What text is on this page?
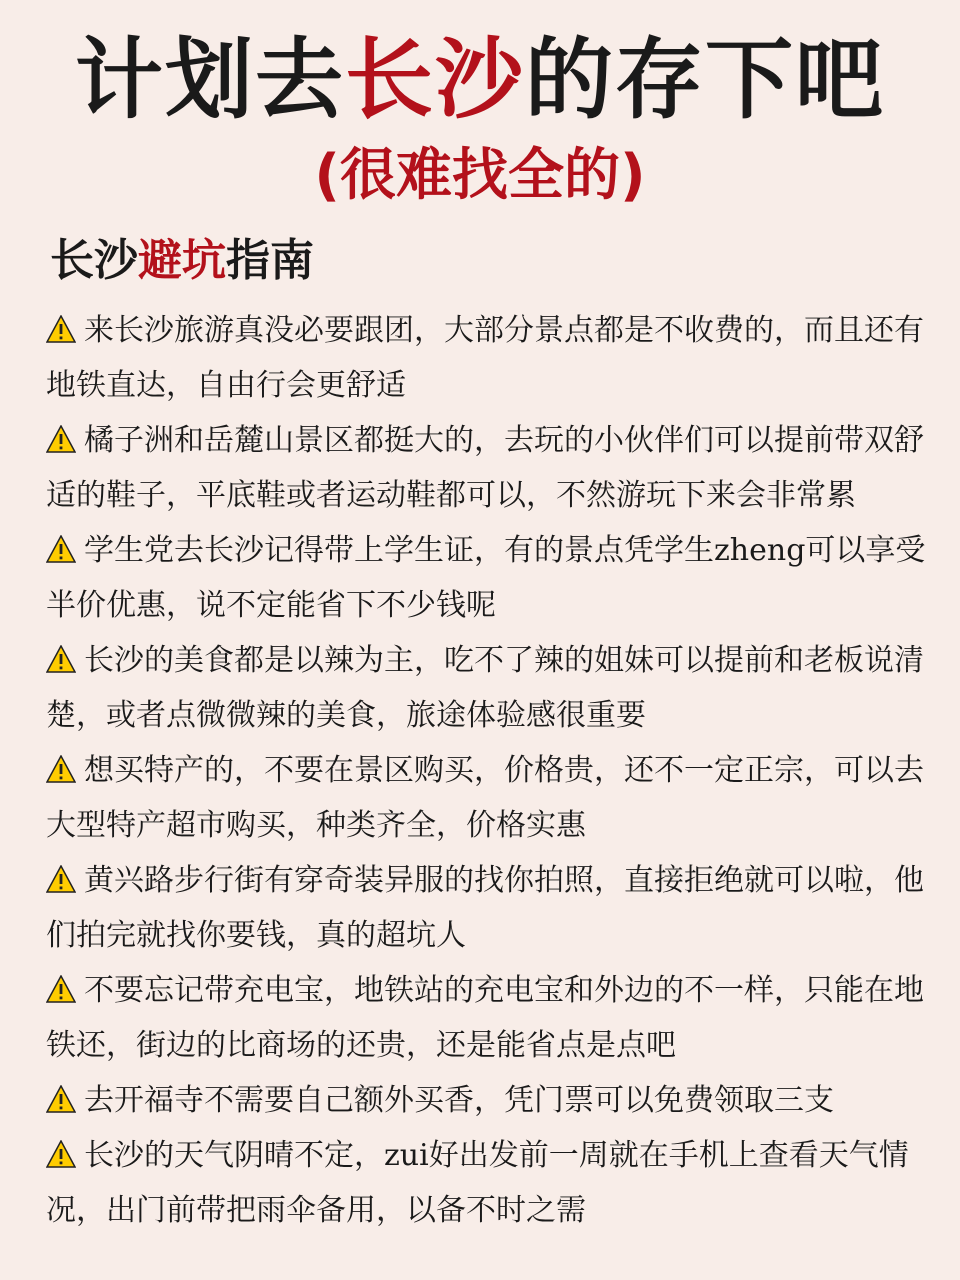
计划去长沙的存下吧
(很难找全的)
长沙避坑指南
来长沙旅游真没必要跟团，大部分景点都是不收费的，而且还有地铁直达，自由行会更舒适
橘子洲和岳麓山景区都挺大的，去玩的小伙伴们可以提前带双舒适的鞋子，平底鞋或者运动鞋都可以，不然游玩下来会非常累
学生党去长沙记得带上学生证，有的景点凭学生zheng可以享受半价优惠，说不定能省下不少钱呢
长沙的美食都是以辣为主，吃不了辣的姐妹可以提前和老板说清楚，或者点微微辣的美食，旅途体验感很重要
想买特产的，不要在景区购买，价格贵，还不一定正宗，可以去大型特产超市购买，种类齐全，价格实惠
黄兴路步行街有穿奇装异服的找你拍照，直接拒绝就可以啦，他们拍完就找你要钱，真的超坑人
不要忘记带充电宝，地铁站的充电宝和外边的不一样，只能在地铁还，街边的比商场的还贵，还是能省点是点吧
去开福寺不需要自己额外买香，凭门票可以免费领取三支
长沙的天气阴晴不定，zui好出发前一周就在手机上查看天气情况，出门前带把雨伞备用，以备不时之需
